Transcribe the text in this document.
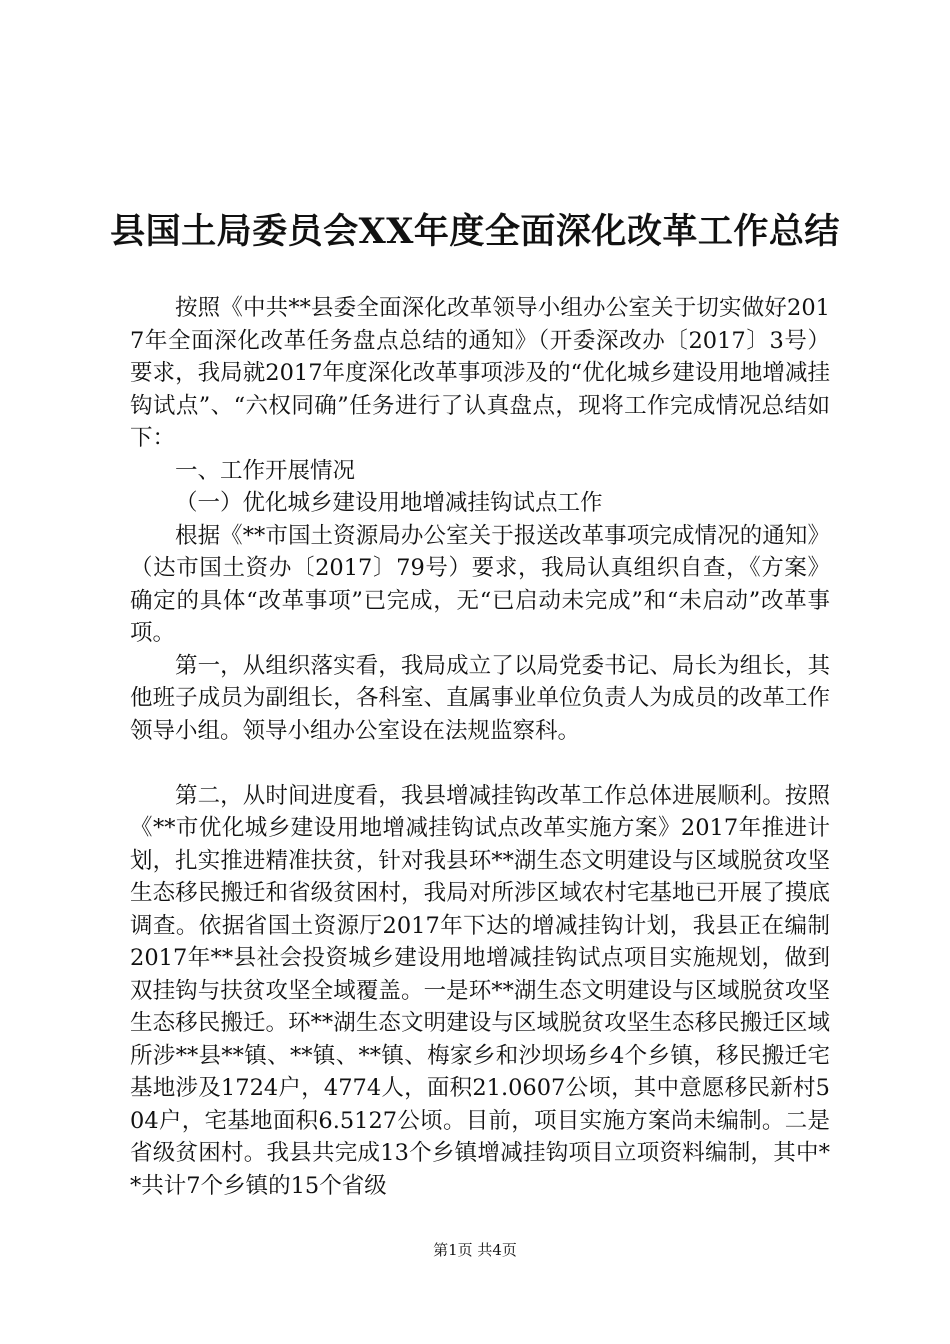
县国土局委员会XX年度全面深化改革工作总结

按照《中共**县委全面深化改革领导小组办公室关于切实做好2017年全面深化改革任务盘点总结的通知》（开委深改办〔2017〕3号）要求，我局就2017年度深化改革事项涉及的“优化城乡建设用地增减挂钩试点”、“六权同确”任务进行了认真盘点，现将工作完成情况总结如下：

一、工作开展情况

（一）优化城乡建设用地增减挂钩试点工作

根据《**市国土资源局办公室关于报送改革事项完成情况的通知》（达市国土资办〔2017〕79号）要求，我局认真组织自查，《方案》确定的具体“改革事项”已完成，无“已启动未完成”和“未启动”改革事项。

第一，从组织落实看，我局成立了以局党委书记、局长为组长，其他班子成员为副组长，各科室、直属事业单位负责人为成员的改革工作领导小组。领导小组办公室设在法规监察科。

第二，从时间进度看，我县增减挂钩改革工作总体进展顺利。按照《**市优化城乡建设用地增减挂钩试点改革实施方案》2017年推进计划，扎实推进精准扶贫，针对我县环**湖生态文明建设与区域脱贫攻坚生态移民搬迁和省级贫困村，我局对所涉区域农村宅基地已开展了摸底调查。依据省国土资源厅2017年下达的增减挂钩计划，我县正在编制2017年**县社会投资城乡建设用地增减挂钩试点项目实施规划，做到双挂钩与扶贫攻坚全域覆盖。一是环**湖生态文明建设与区域脱贫攻坚生态移民搬迁。环**湖生态文明建设与区域脱贫攻坚生态移民搬迁区域所涉**县**镇、**镇、**镇、梅家乡和沙坝场乡4个乡镇，移民搬迁宅基地涉及1724户，4774人，面积21.0607公顷，其中意愿移民新村504户，宅基地面积6.5127公顷。目前，项目实施方案尚未编制。二是省级贫困村。我县共完成13个乡镇增减挂钩项目立项资料编制，其中**共计7个乡镇的15个省级

第1页 共4页
